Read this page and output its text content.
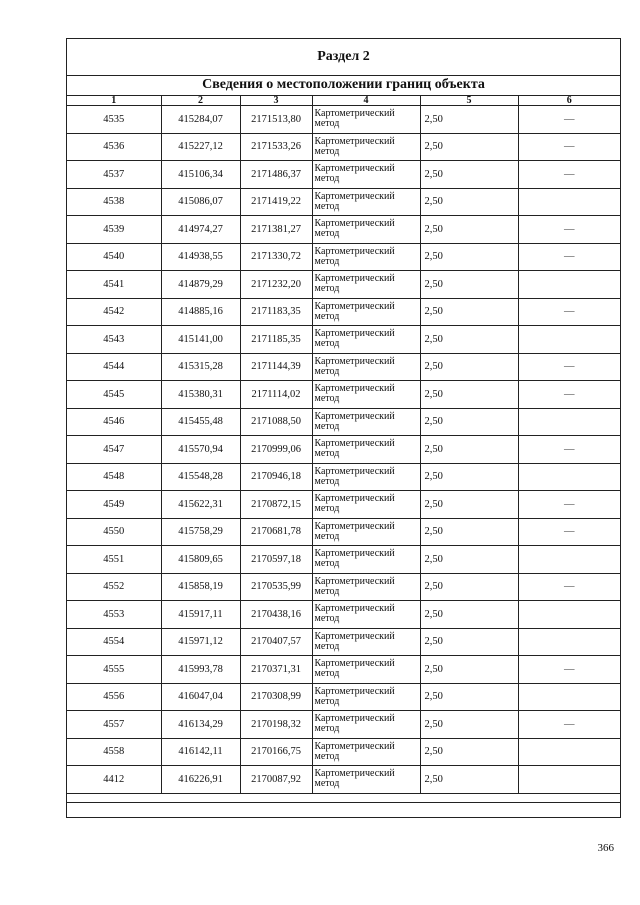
Раздел 2
Сведения о местоположении границ объекта
1	2	3	4	5	6
4535	415284,07	2171513,80	Картометрический метод	2,50	—
4536	415227,12	2171533,26	Картометрический метод	2,50	—
4537	415106,34	2171486,37	Картометрический метод	2,50	—
4538	415086,07	2171419,22	Картометрический метод	2,50	
4539	414974,27	2171381,27	Картометрический метод	2,50	—
4540	414938,55	2171330,72	Картометрический метод	2,50	—
4541	414879,29	2171232,20	Картометрический метод	2,50	
4542	414885,16	2171183,35	Картометрический метод	2,50	—
4543	415141,00	2171185,35	Картометрический метод	2,50	
4544	415315,28	2171144,39	Картометрический метод	2,50	—
4545	415380,31	2171114,02	Картометрический метод	2,50	—
4546	415455,48	2171088,50	Картометрический метод	2,50	
4547	415570,94	2170999,06	Картометрический метод	2,50	—
4548	415548,28	2170946,18	Картометрический метод	2,50	
4549	415622,31	2170872,15	Картометрический метод	2,50	—
4550	415758,29	2170681,78	Картометрический метод	2,50	—
4551	415809,65	2170597,18	Картометрический метод	2,50	
4552	415858,19	2170535,99	Картометрический метод	2,50	—
4553	415917,11	2170438,16	Картометрический метод	2,50	
4554	415971,12	2170407,57	Картометрический метод	2,50	
4555	415993,78	2170371,31	Картометрический метод	2,50	—
4556	416047,04	2170308,99	Картометрический метод	2,50	
4557	416134,29	2170198,32	Картометрический метод	2,50	—
4558	416142,11	2170166,75	Картометрический метод	2,50	
4412	416226,91	2170087,92	Картометрический метод	2,50	
366
